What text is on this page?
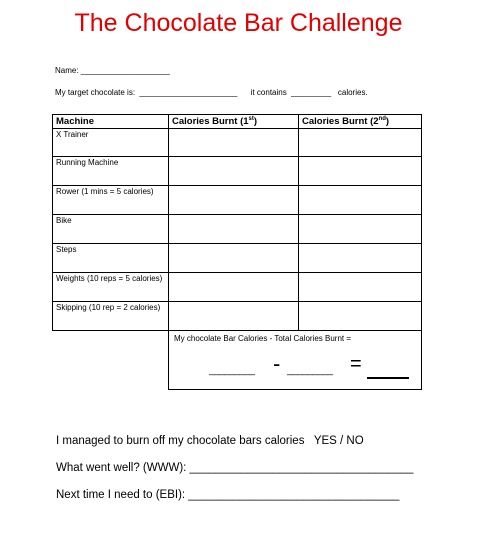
The Chocolate Bar Challenge
Name: ____________________
My target chocolate is:  ______________________      it contains  _________   calories.
Machine	Calories Burnt (1st)	Calories Burnt (2nd)
X Trainer		
Running Machine		
Rower (1 mins = 5 calories)		
Bike		
Steps		
Weights (10 reps = 5 calories)		
Skipping (10 rep = 2 calories)		

	My chocolate Bar Calories - Total Calories Burnt =
_________ - _________ =	
I managed to burn off my chocolate bars calories   YES / NO
What went well? (WWW): ___________________________________
Next time I need to (EBI): _________________________________
